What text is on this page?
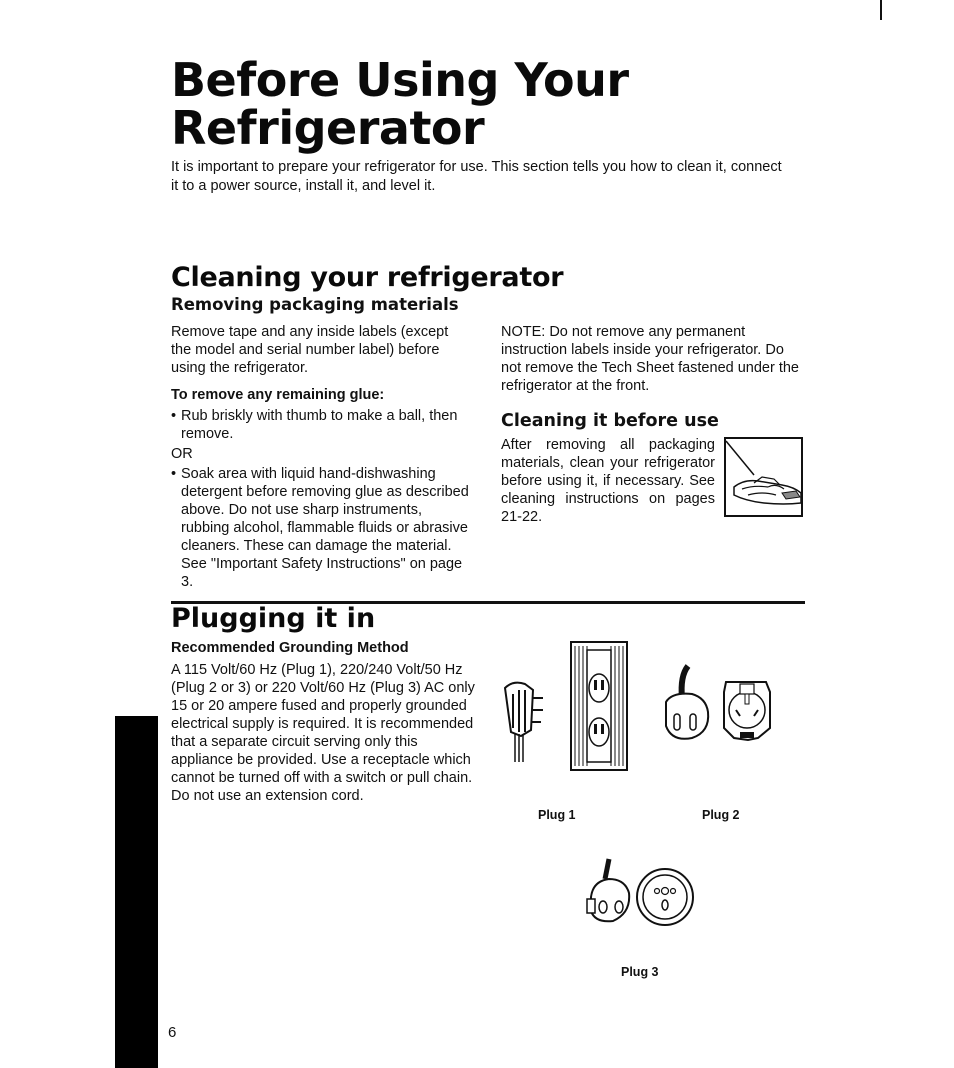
Before Using Your
Refrigerator

It is important to prepare your refrigerator for use. This section tells you how to clean it, connect it to a power source, install it, and level it.

Cleaning your refrigerator
Removing packaging materials

Remove tape and any inside labels (except the model and serial number label) before using the refrigerator.

To remove any remaining glue:

• Rub briskly with thumb to make a ball, then remove.
OR
• Soak area with liquid hand-dishwashing detergent before removing glue as described above. Do not use sharp instruments, rubbing alcohol, flammable fluids or abrasive cleaners. These can damage the material. See "Important Safety Instructions" on page 3.

NOTE: Do not remove any permanent instruction labels inside your refrigerator. Do not remove the Tech Sheet fastened under the refrigerator at the front.

Cleaning it before use

After removing all packaging materials, clean your refrigerator before using it, if necessary. See cleaning instructions on pages 21-22.

Plugging it in
Recommended Grounding Method

A 115 Volt/60 Hz (Plug 1), 220/240 Volt/50 Hz (Plug 2 or 3) or 220 Volt/60 Hz (Plug 3) AC only 15 or 20 ampere fused and properly grounded electrical supply is required. It is recommended that a separate circuit serving only this appliance be provided. Use a receptacle which cannot be turned off with a switch or pull chain. Do not use an extension cord.

Plug 1	Plug 2

Plug 3

6
